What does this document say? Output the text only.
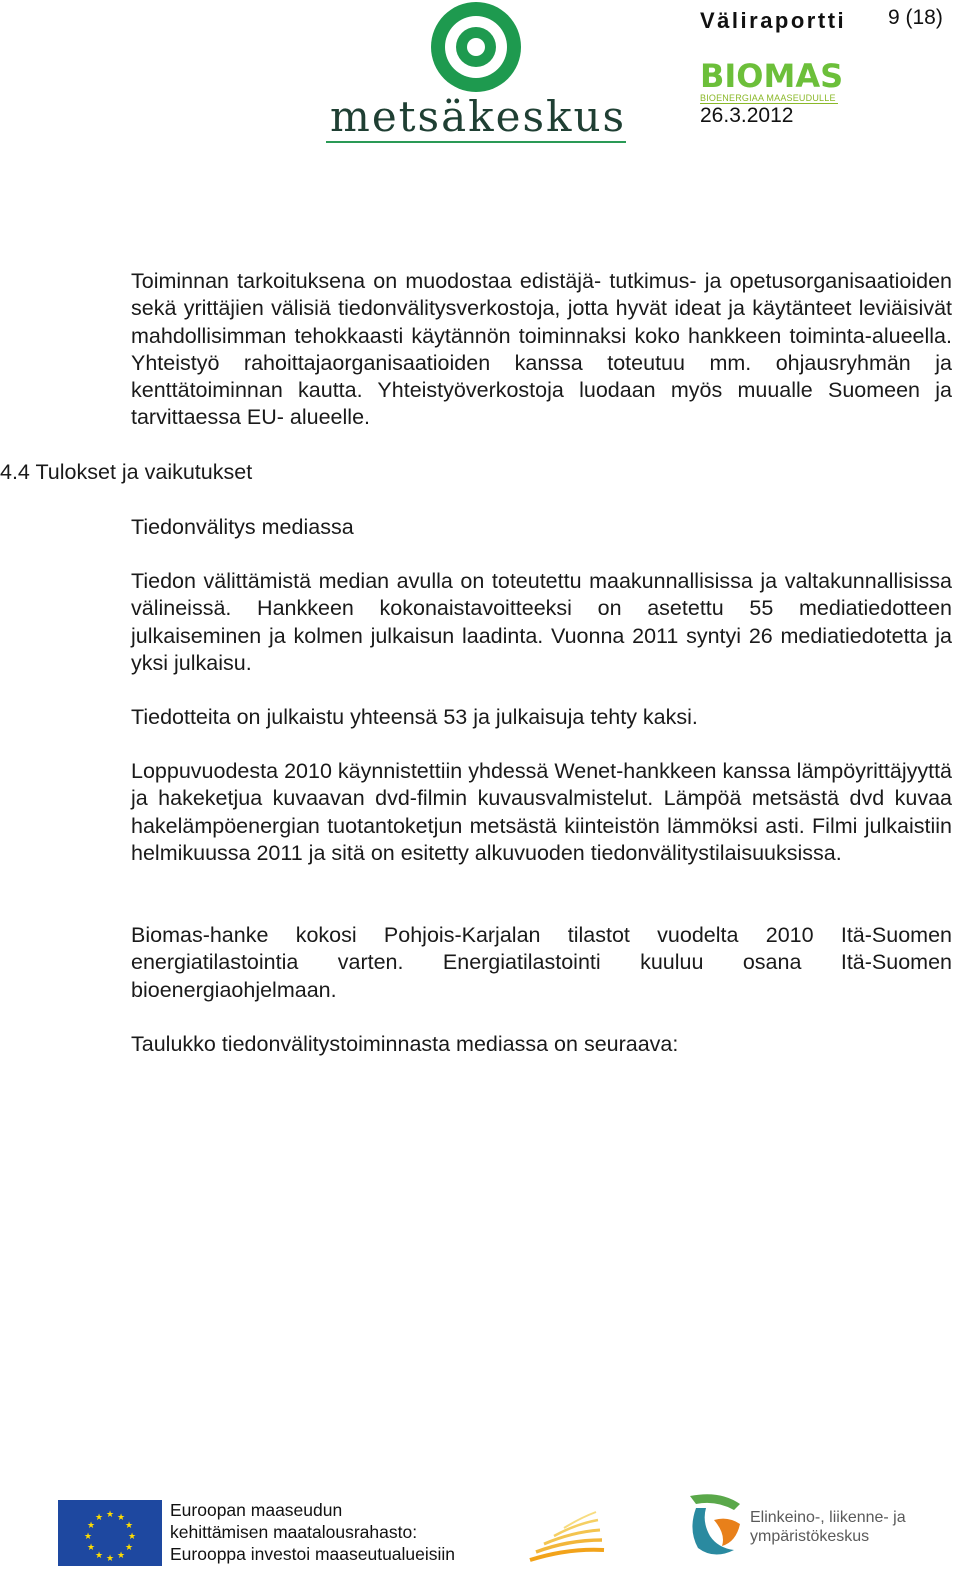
metsäkeskus
Väliraportti 9 (18)
BIOMAS
BIOENERGIAA MAASEUDULLE
26.3.2012
Toiminnan tarkoituksena on muodostaa edistäjä- tutkimus- ja opetusorganisaatioiden sekä yrittäjien välisiä tiedonvälitysverkostoja, jotta hyvät ideat ja käytänteet leviäisivät mahdollisimman tehokkaasti käytännön toiminnaksi koko hankkeen toiminta-alueella. Yhteistyö rahoittajaorganisaatioiden kanssa toteutuu mm. ohjausryhmän ja kenttätoiminnan kautta. Yhteistyöverkostoja luodaan myös muualle Suomeen ja tarvittaessa EU- alueelle.
4.4 Tulokset ja vaikutukset
Tiedonvälitys mediassa
Tiedon välittämistä median avulla on toteutettu maakunnallisissa ja valtakunnallisissa välineissä. Hankkeen kokonaistavoitteeksi on asetettu 55 mediatiedotteen julkaiseminen ja kolmen julkaisun laadinta. Vuonna 2011 syntyi 26 mediatiedotetta ja yksi julkaisu.
Tiedotteita on julkaistu yhteensä 53 ja julkaisuja tehty kaksi.
Loppuvuodesta 2010 käynnistettiin yhdessä Wenet-hankkeen kanssa lämpöyrittäjyyttä ja hakeketjua kuvaavan dvd-filmin kuvausvalmistelut. Lämpöä metsästä dvd kuvaa hakelämpöenergian tuotantoketjun metsästä kiinteistön lämmöksi asti. Filmi julkaistiin helmikuussa 2011 ja sitä on esitetty alkuvuoden tiedonvälitystilaisuuksissa.
Biomas-hanke kokosi Pohjois-Karjalan tilastot vuodelta 2010 Itä-Suomen energiatilastointia varten. Energiatilastointi kuuluu osana Itä-Suomen bioenergiaohjelmaan.
Taulukko tiedonvälitystoiminnasta mediassa on seuraava:
★ ★
★
★
★
★
★
★
★
★
★
★	Euroopan maaseudun
kehittämisen maatalousrahasto:
Eurooppa investoi maaseutualueisiin
Elinkeino-, liikenne- ja
ympäristökeskus
